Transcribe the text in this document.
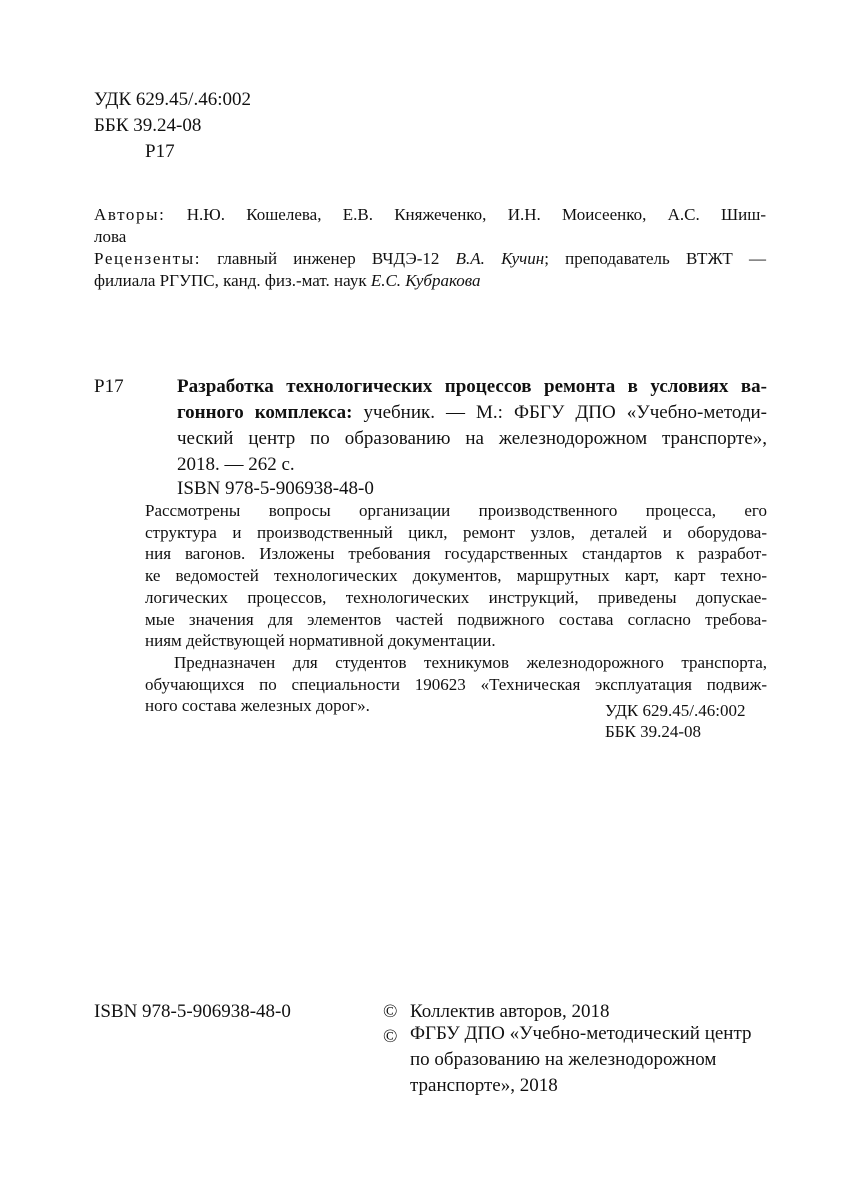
УДК 629.45/.46:002
ББК 39.24-08
Р17
Авторы: Н.Ю. Кошелева, Е.В. Княжеченко, И.Н. Моисеенко, А.С. Шиш-
лова
Рецензенты: главный инженер ВЧДЭ-12 В.А. Кучин; преподаватель ВТЖТ —
филиала РГУПС, канд. физ.-мат. наук Е.С. Кубракова
Р17	Разработка технологических процессов ремонта в условиях ва-
гонного комплекса: учебник. — М.: ФБГУ ДПО «Учебно-методи-
ческий центр по образованию на железнодорожном транспорте»,
2018. — 262 с.
ISBN 978-5-906938-48-0
Рассмотрены вопросы организации производственного процесса, его
структура и производственный цикл, ремонт узлов, деталей и оборудова-
ния вагонов. Изложены требования государственных стандартов к разработ-
ке ведомостей технологических документов, маршрутных карт, карт техно-
логических процессов, технологических инструкций, приведены допускае-
мые значения для элементов частей подвижного состава согласно требова-
ниям действующей нормативной документации.
Предназначен для студентов техникумов железнодорожного транспорта,
обучающихся по специальности 190623 «Техническая эксплуатация подвиж-
ного состава железных дорог».	УДК 629.45/.46:002
ББК 39.24-08
ISBN 978-5-906938-48-0	© Коллектив авторов, 2018
© ФГБУ ДПО «Учебно-методический центр
по образованию на железнодорожном
транспорте», 2018
